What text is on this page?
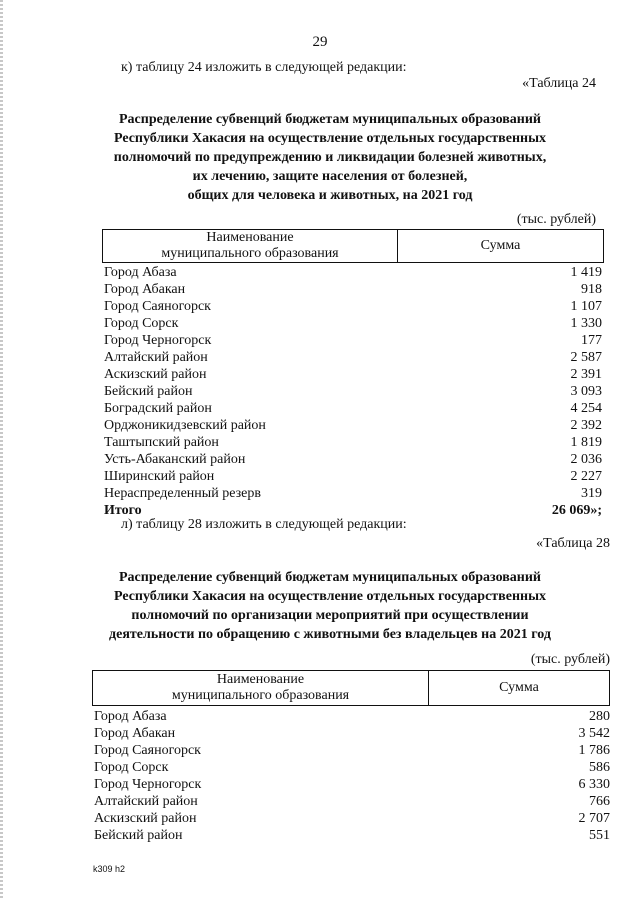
29
к) таблицу 24 изложить в следующей редакции:
«Таблица 24
Распределение субвенций бюджетам муниципальных образований
Республики Хакасия на осуществление отдельных государственных
полномочий по предупреждению и ликвидации болезней животных,
их лечению, защите населения от болезней,
общих для человека и животных, на 2021 год
(тыс. рублей)
Наименование
муниципального образования
Сумма
Город Абаза	1 419
Город Абакан	918
Город Саяногорск	1 107
Город Сорск	1 330
Город Черногорск	177
Алтайский район	2 587
Аскизский район	2 391
Бейский район	3 093
Боградский район	4 254
Орджоникидзевский район	2 392
Таштыпский район	1 819
Усть-Абаканский район	2 036
Ширинский район	2 227
Нераспределенный резерв	319
Итого	26 069»;
л) таблицу 28 изложить в следующей редакции:
«Таблица 28
Распределение субвенций бюджетам муниципальных образований
Республики Хакасия на осуществление отдельных государственных
полномочий по организации мероприятий при осуществлении
деятельности по обращению с животными без владельцев на 2021 год
(тыс. рублей)
Наименование
муниципального образования
Сумма
Город Абаза	280
Город Абакан	3 542
Город Саяногорск	1 786
Город Сорск	586
Город Черногорск	6 330
Алтайский район	766
Аскизский район	2 707
Бейский район	551
k309 h2
